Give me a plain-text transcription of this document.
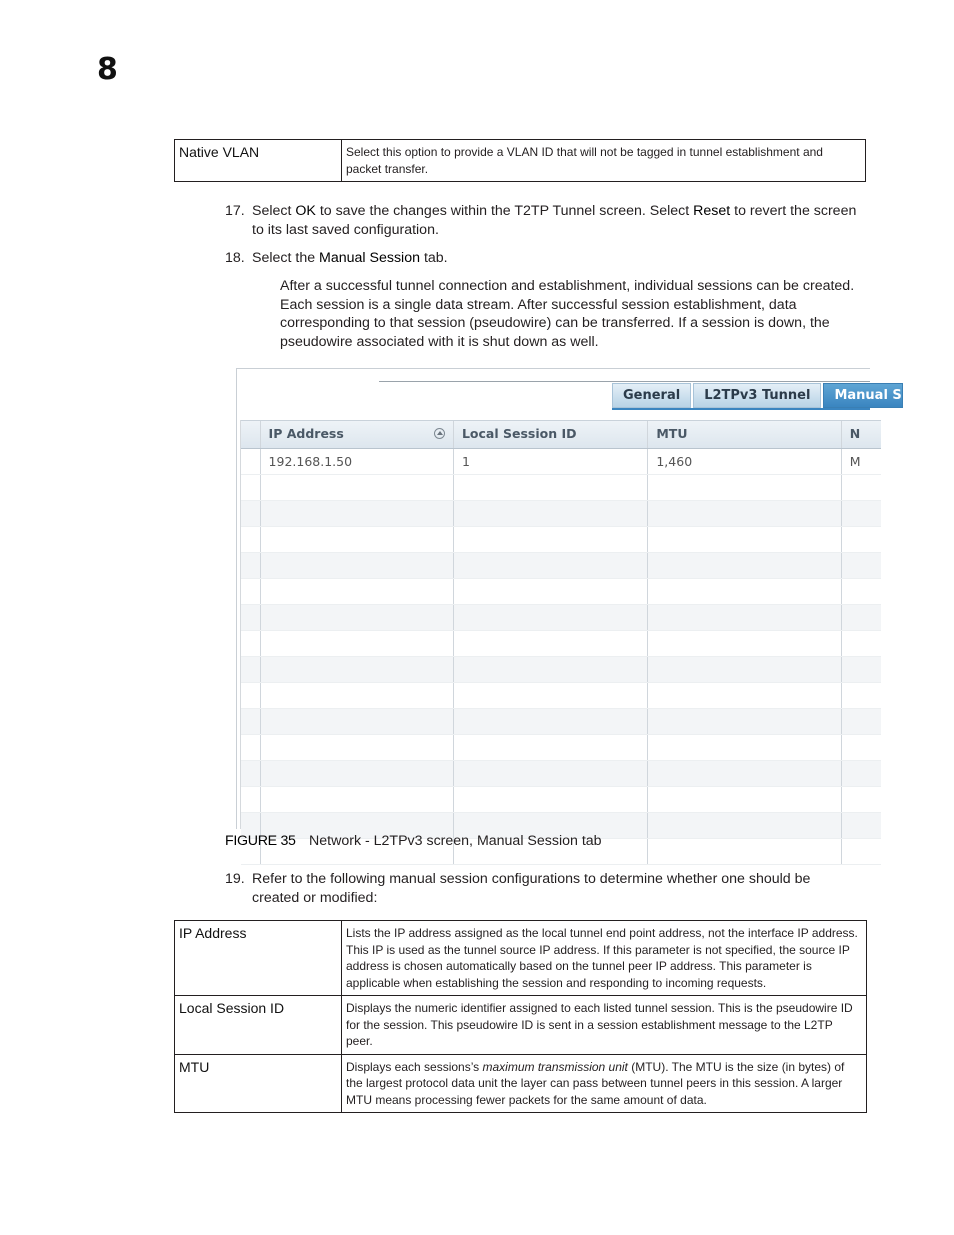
8
Native VLAN	Select this option to provide a VLAN ID that will not be tagged in tunnel establishment and packet transfer.
17. Select OK to save the changes within the T2TP Tunnel screen. Select Reset to revert the screen
to its last saved configuration.
18. Select the Manual Session tab.
After a successful tunnel connection and establishment, individual sessions can be created. Each session is a single data stream. After successful session establishment, data corresponding to that session (pseudowire) can be transferred. If a session is down, the pseudowire associated with it is shut down as well.
General	L2TPv3 Tunnel	Manual S
IP Address	Local Session ID	MTU	N
192.168.1.50	1	1,460	M
FIGURE 35 Network - L2TPv3 screen, Manual Session tab
19. Refer to the following manual session configurations to determine whether one should be
created or modified:
IP Address	Lists the IP address assigned as the local tunnel end point address, not the interface IP address. This IP is used as the tunnel source IP address. If this parameter is not specified, the source IP address is chosen automatically based on the tunnel peer IP address. This parameter is applicable when establishing the session and responding to incoming requests.
Local Session ID	Displays the numeric identifier assigned to each listed tunnel session. This is the pseudowire ID for the session. This pseudowire ID is sent in a session establishment message to the L2TP peer.
MTU	Displays each sessions’s maximum transmission unit (MTU). The MTU is the size (in bytes) of the largest protocol data unit the layer can pass between tunnel peers in this session. A larger MTU means processing fewer packets for the same amount of data.
